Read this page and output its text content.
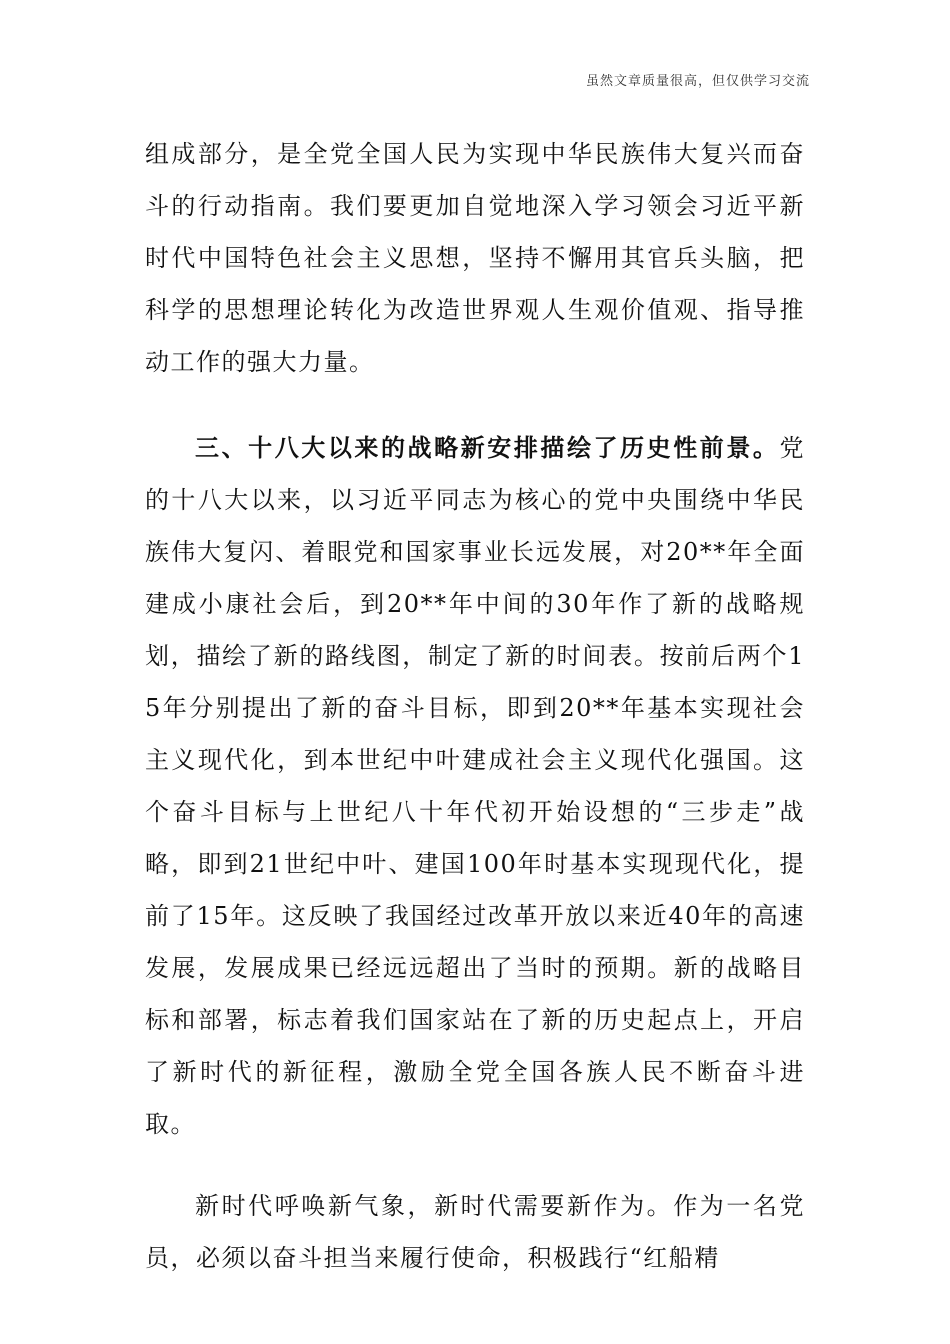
虽然文章质量很高，但仅供学习交流

组成部分，是全党全国人民为实现中华民族伟大复兴而奋斗的行动指南。我们要更加自觉地深入学习领会习近平新时代中国特色社会主义思想，坚持不懈用其官兵头脑，把科学的思想理论转化为改造世界观人生观价值观、指导推动工作的强大力量。

三、十八大以来的战略新安排描绘了历史性前景。党的十八大以来，以习近平同志为核心的党中央围绕中华民族伟大复闪、着眼党和国家事业长远发展，对20**年全面建成小康社会后，到20**年中间的30年作了新的战略规划，描绘了新的路线图，制定了新的时间表。按前后两个15年分别提出了新的奋斗目标，即到20**年基本实现社会主义现代化，到本世纪中叶建成社会主义现代化强国。这个奋斗目标与上世纪八十年代初开始设想的“三步走”战略，即到21世纪中叶、建国100年时基本实现现代化，提前了15年。这反映了我国经过改革开放以来近40年的高速发展，发展成果已经远远超出了当时的预期。新的战略目标和部署，标志着我们国家站在了新的历史起点上，开启了新时代的新征程，激励全党全国各族人民不断奋斗进取。

新时代呼唤新气象，新时代需要新作为。作为一名党员，必须以奋斗担当来履行使命，积极践行“红船精
